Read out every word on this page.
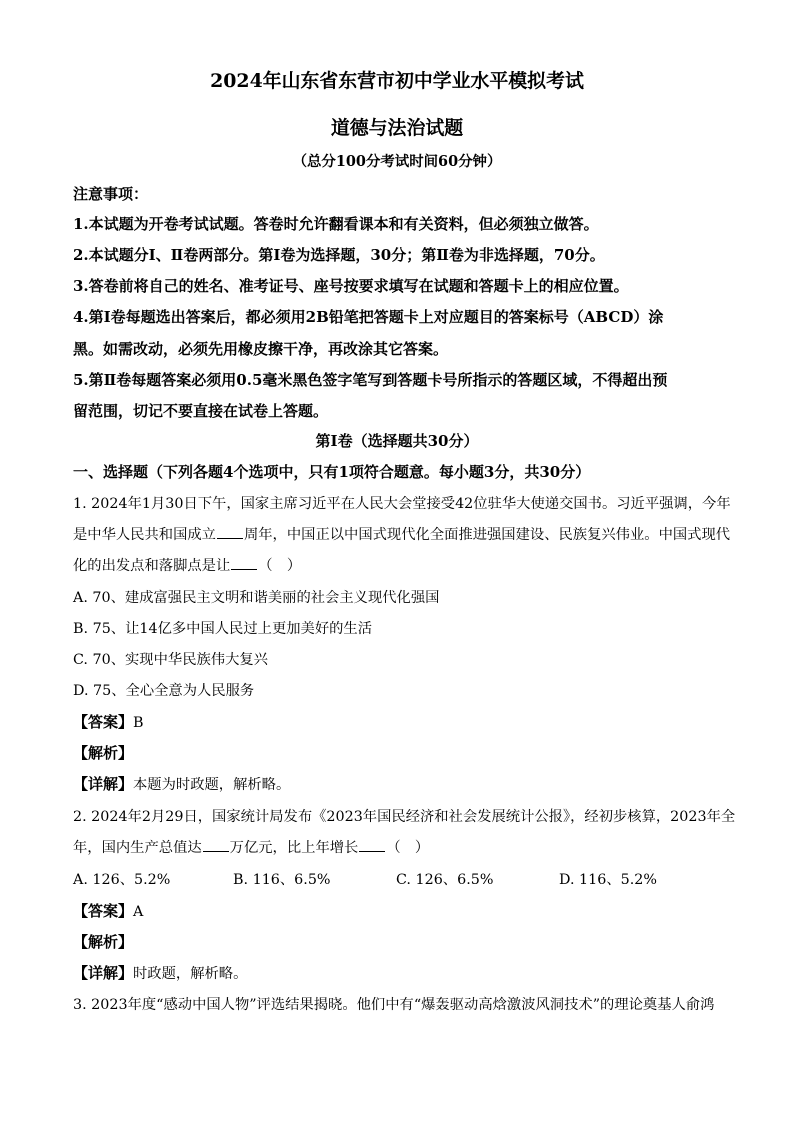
2024年山东省东营市初中学业水平模拟考试
道德与法治试题
（总分100分考试时间60分钟）
注意事项：
1.本试题为开卷考试试题。答卷时允许翻看课本和有关资料，但必须独立做答。
2.本试题分Ⅰ、Ⅱ卷两部分。第Ⅰ卷为选择题，30分；第Ⅱ卷为非选择题，70分。
3.答卷前将自己的姓名、准考证号、座号按要求填写在试题和答题卡上的相应位置。
4.第Ⅰ卷每题选出答案后，都必须用2B铅笔把答题卡上对应题目的答案标号（ABCD）涂
黑。如需改动，必须先用橡皮擦干净，再改涂其它答案。
5.第Ⅱ卷每题答案必须用0.5毫米黑色签字笔写到答题卡号所指示的答题区域，不得超出预
留范围，切记不要直接在试卷上答题。
第Ⅰ卷（选择题共30分）
一、选择题（下列各题4个选项中，只有1项符合题意。每小题3分，共30分）
1. 2024年1月30日下午，国家主席习近平在人民大会堂接受42位驻华大使递交国书。习近平强调，今年
是中华人民共和国成立 周年，中国正以中国式现代化全面推进强国建设、民族复兴伟业。中国式现代
化的出发点和落脚点是让 （　）
A. 70、建成富强民主文明和谐美丽的社会主义现代化强国
B. 75、让14亿多中国人民过上更加美好的生活
C. 70、实现中华民族伟大复兴
D. 75、全心全意为人民服务
【答案】B
【解析】
【详解】本题为时政题，解析略。
2. 2024年2月29日，国家统计局发布《2023年国民经济和社会发展统计公报》，经初步核算，2023年全
年，国内生产总值达 万亿元，比上年增长 （　）
A. 126、5.2%	B. 116、6.5%	C. 126、6.5%	D. 116、5.2%
【答案】A
【解析】
【详解】时政题，解析略。
3. 2023年度“感动中国人物”评选结果揭晓。他们中有“爆轰驱动高焓激波风洞技术”的理论奠基人俞鸿
